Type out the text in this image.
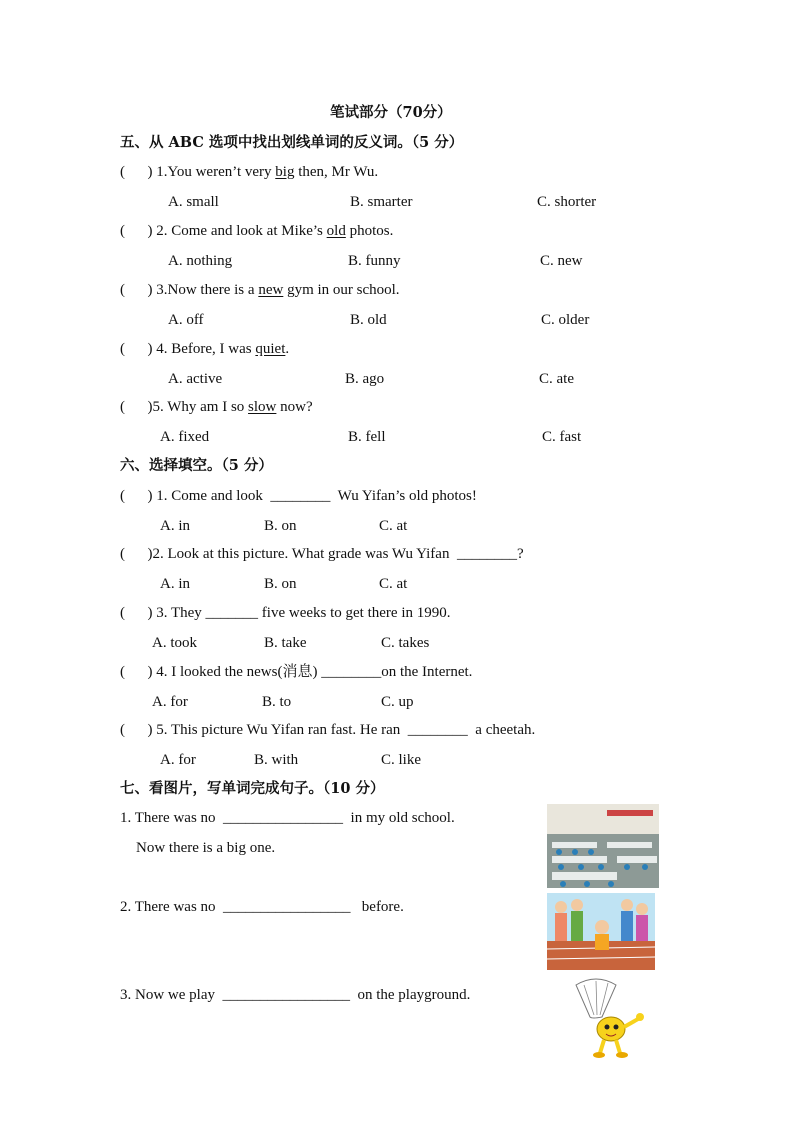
笔试部分（70分）
五、从 ABC 选项中找出划线单词的反义词。（5 分）
(      ) 1.You weren’t very big then, Mr Wu.
A. small	B. smarter	C. shorter
(      ) 2. Come and look at Mike’s old photos.
A. nothing	B. funny	C. new
(      ) 3.Now there is a new gym in our school.
A. off	B. old	C. older
(      ) 4. Before, I was quiet.
A. active	B. ago	C. ate
(      )5. Why am I so slow now?
A. fixed	B. fell	C. fast
六、选择填空。（5 分）
(      ) 1. Come and look  ________  Wu Yifan’s old photos!
A. in	B. on	C. at
(      )2. Look at this picture. What grade was Wu Yifan  ________?
A. in	B. on	C. at
(      ) 3. They _______ five weeks to get there in 1990.
A. took	B. take	C. takes
(      ) 4. I looked the news(消息) ________on the Internet.
A. for	B. to	C. up
(      ) 5. This picture Wu Yifan ran fast. He ran  ________  a cheetah.
A. for	B. with	C. like
七、看图片，写单词完成句子。（10 分）
1. There was no  ________________  in my old school.
Now there is a big one.
2. There was no  _________________   before.
3. Now we play  _________________  on the playground.
